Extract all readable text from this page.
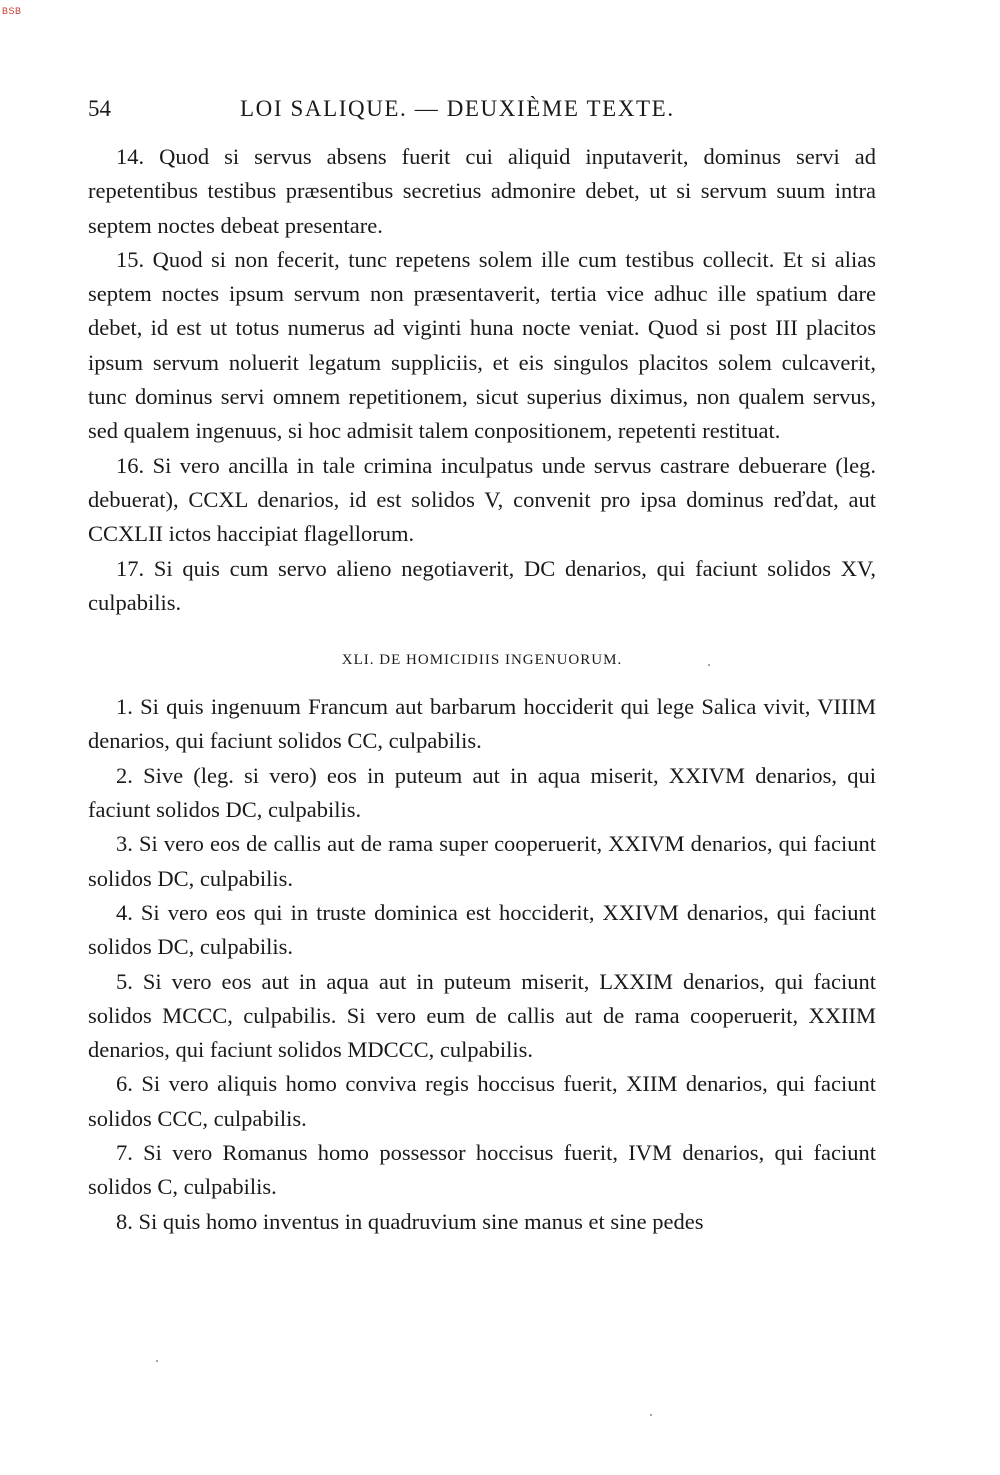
BSB
54	LOI SALIQUE. — DEUXIÈME TEXTE.

14. Quod si servus absens fuerit cui aliquid inputaverit, dominus servi ad repetentibus testibus præsentibus secretius admonire debet, ut si servum suum intra septem noctes debeat presentare.

15. Quod si non fecerit, tunc repetens solem ille cum testibus collecit. Et si alias septem noctes ipsum servum non præsentaverit, tertia vice adhuc ille spatium dare debet, id est ut totus numerus ad viginti huna nocte veniat. Quod si post III placitos ipsum servum noluerit legatum suppliciis, et eis singulos placitos solem culcaverit, tunc dominus servi omnem repetitionem, sicut superius diximus, non qualem servus, sed qualem ingenuus, si hoc admisit talem conpositionem, repetenti restituat.

16. Si vero ancilla in tale crimina inculpatus unde servus castrare debuerare (leg. debuerat), CCXL denarios, id est solidos V, convenit pro ipsa dominus reďdat, aut CCXLII ictos haccipiat flagellorum.

17. Si quis cum servo alieno negotiaverit, DC denarios, qui faciunt solidos XV, culpabilis.

XLI. DE HOMICIDIIS INGENUORUM.

1. Si quis ingenuum Francum aut barbarum hocciderit qui lege Salica vivit, VIIIM denarios, qui faciunt solidos CC, culpabilis.

2. Sive (leg. si vero) eos in puteum aut in aqua miserit, XXIVM denarios, qui faciunt solidos DC, culpabilis.

3. Si vero eos de callis aut de rama super cooperuerit, XXIVM denarios, qui faciunt solidos DC, culpabilis.

4. Si vero eos qui in truste dominica est hocciderit, XXIVM denarios, qui faciunt solidos DC, culpabilis.

5. Si vero eos aut in aqua aut in puteum miserit, LXXIM denarios, qui faciunt solidos MCCC, culpabilis. Si vero eum de callis aut de rama cooperuerit, XXIIM denarios, qui faciunt solidos MDCCC, culpabilis.

6. Si vero aliquis homo conviva regis hoccisus fuerit, XIIM denarios, qui faciunt solidos CCC, culpabilis.

7. Si vero Romanus homo possessor hoccisus fuerit, IVM denarios, qui faciunt solidos C, culpabilis.

8. Si quis homo inventus in quadruvium sine manus et sine pedes
